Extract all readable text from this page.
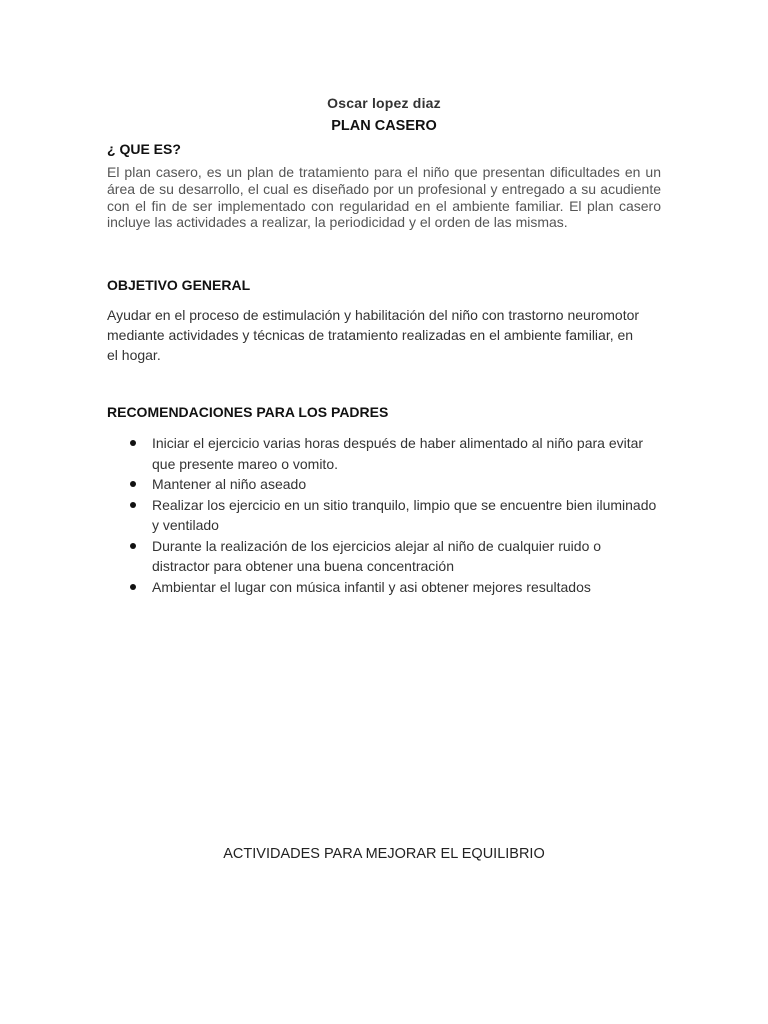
Oscar lopez diaz
PLAN CASERO
¿ QUE ES?
El plan casero, es un plan de tratamiento para el niño que presentan dificultades en un área de su desarrollo, el cual es diseñado por un profesional y entregado a su acudiente con el fin de ser implementado con regularidad en el ambiente familiar. El plan casero incluye las actividades a realizar, la periodicidad y el orden de las mismas.
OBJETIVO GENERAL
Ayudar en el proceso de estimulación y habilitación del niño con trastorno neuromotor mediante actividades y técnicas de tratamiento realizadas en el ambiente familiar, en el hogar.
RECOMENDACIONES PARA LOS PADRES
Iniciar el ejercicio varias horas después de haber alimentado al niño para evitar que presente mareo o vomito.
Mantener al niño aseado
Realizar los ejercicio en un sitio tranquilo, limpio que se encuentre bien iluminado y ventilado
Durante la realización de los ejercicios alejar al niño de cualquier ruido o distractor para obtener una buena concentración
Ambientar el lugar con música infantil y asi obtener mejores resultados
ACTIVIDADES PARA MEJORAR EL EQUILIBRIO
